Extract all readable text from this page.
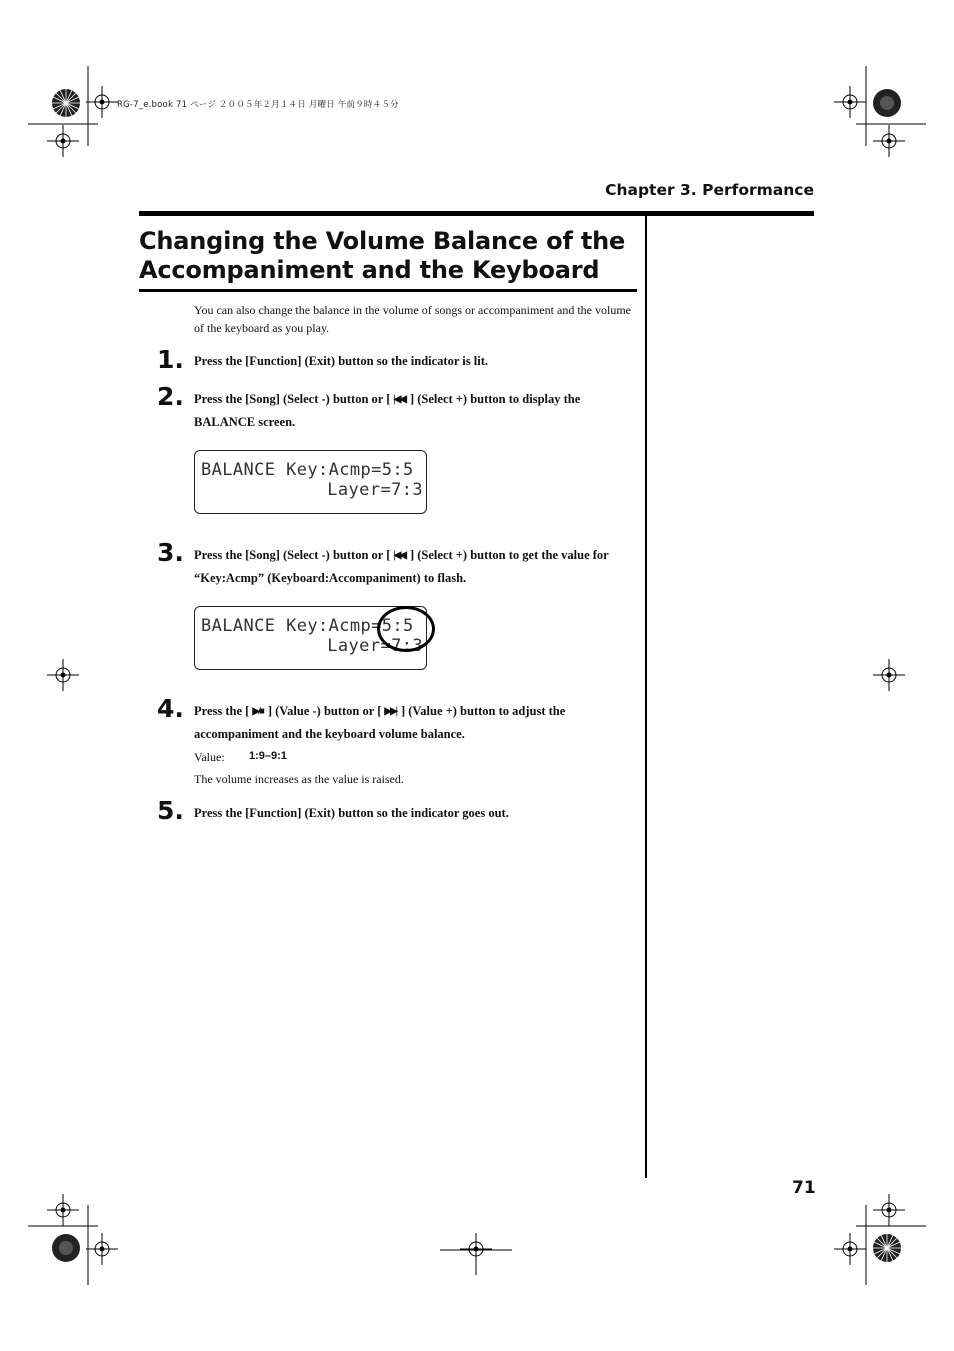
RG-7_e.book 71 ページ ２００５年２月１４日 月曜日 午前９時４５分
Chapter 3. Performance
Changing the Volume Balance of the
Accompaniment and the Keyboard
You can also change the balance in the volume of songs or accompaniment and the volume of the keyboard as you play.
1. Press the [Function] (Exit) button so the indicator is lit.
2. Press the [Song] (Select -) button or [ |◀◀ ] (Select +) button to display the BALANCE screen.
BALANCE Key:Acmp=5:5
Layer=7:3
3. Press the [Song] (Select -) button or [ |◀◀ ] (Select +) button to get the value for “Key:Acmp” (Keyboard:Accompaniment) to flash.
BALANCE Key:Acmp=5:5
Layer=7:3
4. Press the [ ▶/■ ] (Value -) button or [ ▶▶| ] (Value +) button to adjust the accompaniment and the keyboard volume balance.
Value: 1:9–9:1
The volume increases as the value is raised.
5. Press the [Function] (Exit) button so the indicator goes out.
71
